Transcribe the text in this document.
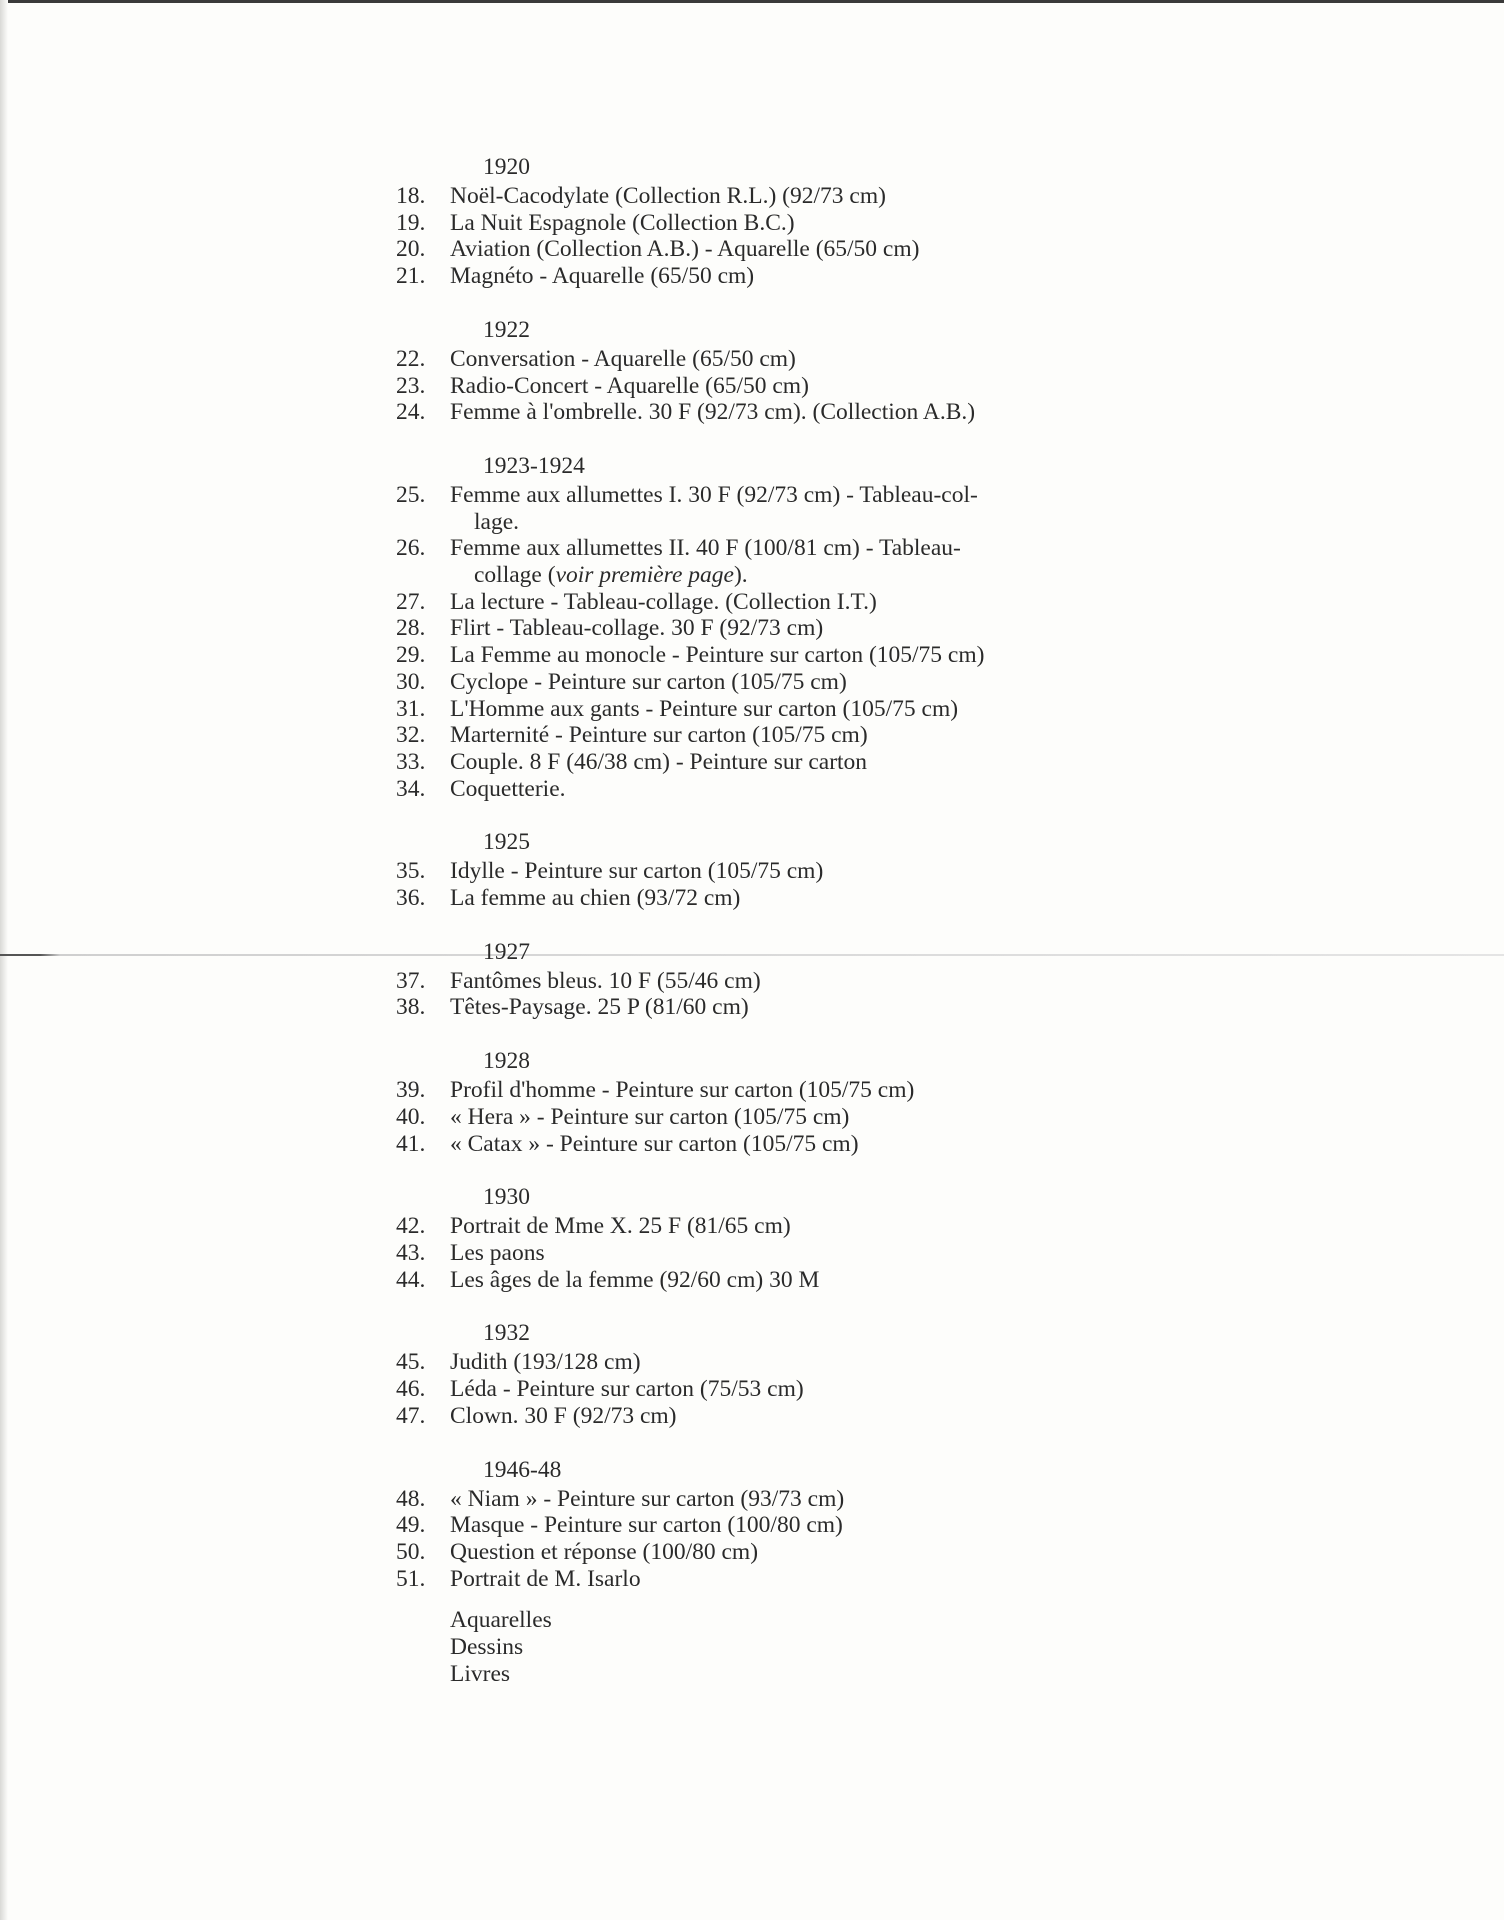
1920
18.	Noël-Cacodylate (Collection R.L.) (92/73 cm)
19.	La Nuit Espagnole (Collection B.C.)
20.	Aviation (Collection A.B.) - Aquarelle (65/50 cm)
21.	Magnéto - Aquarelle (65/50 cm)
1922
22.	Conversation - Aquarelle (65/50 cm)
23.	Radio-Concert - Aquarelle (65/50 cm)
24.	Femme à l'ombrelle. 30 F (92/73 cm). (Collection A.B.)
1923-1924
25.	Femme aux allumettes I. 30 F (92/73 cm) - Tableau-col-
lage.
26.	Femme aux allumettes II. 40 F (100/81 cm) - Tableau-
collage (voir première page).
27.	La lecture - Tableau-collage. (Collection I.T.)
28.	Flirt - Tableau-collage. 30 F (92/73 cm)
29.	La Femme au monocle - Peinture sur carton (105/75 cm)
30.	Cyclope - Peinture sur carton (105/75 cm)
31.	L'Homme aux gants - Peinture sur carton (105/75 cm)
32.	Marternité - Peinture sur carton (105/75 cm)
33.	Couple. 8 F (46/38 cm) - Peinture sur carton
34.	Coquetterie.
1925
35.	Idylle - Peinture sur carton (105/75 cm)
36.	La femme au chien (93/72 cm)
1927
37.	Fantômes bleus. 10 F (55/46 cm)
38.	Têtes-Paysage. 25 P (81/60 cm)
1928
39.	Profil d'homme - Peinture sur carton (105/75 cm)
40.	« Hera » - Peinture sur carton (105/75 cm)
41.	« Catax » - Peinture sur carton (105/75 cm)
1930
42.	Portrait de Mme X. 25 F (81/65 cm)
43.	Les paons
44.	Les âges de la femme (92/60 cm) 30 M
1932
45.	Judith (193/128 cm)
46.	Léda - Peinture sur carton (75/53 cm)
47.	Clown. 30 F (92/73 cm)
1946-48
48.	« Niam » - Peinture sur carton (93/73 cm)
49.	Masque - Peinture sur carton (100/80 cm)
50.	Question et réponse (100/80 cm)
51.	Portrait de M. Isarlo
Aquarelles
Dessins
Livres
